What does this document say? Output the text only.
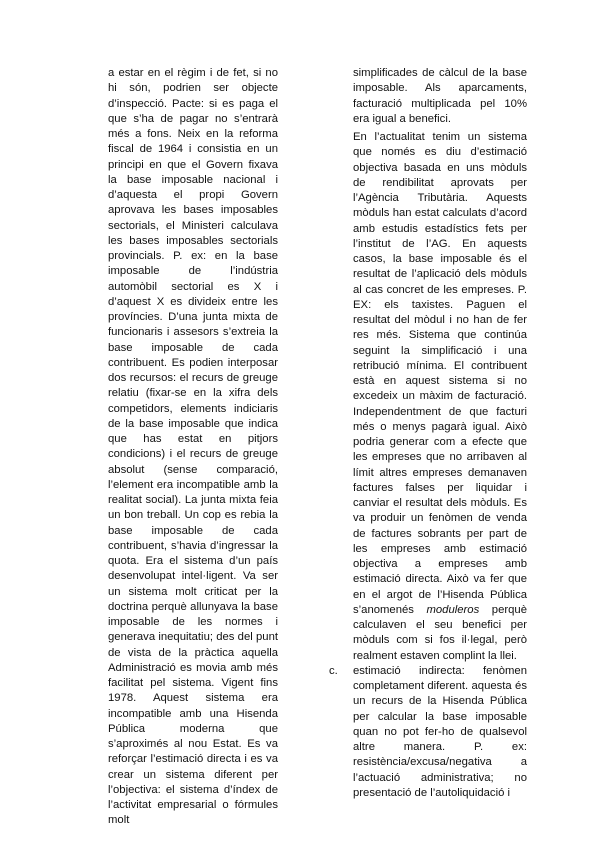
a estar en el règim i de fet, si no hi són, podrien ser objecte d’inspecció. Pacte: si es paga el que s’ha de pagar no s’entrarà més a fons. Neix en la reforma fiscal de 1964 i consistia en un principi en que el Govern fixava la base imposable nacional i d’aquesta el propi Govern aprovava les bases imposables sectorials, el Ministeri calculava les bases imposables sectorials provincials. P. ex: en la base imposable de l’indústria automòbil sectorial es X i d’aquest X es divideix entre les províncies. D’una junta mixta de funcionaris i assesors s’extreia la base imposable de cada contribuent. Es podien interposar dos recursos: el recurs de greuge relatiu (fixar-se en la xifra dels competidors, elements indiciaris de la base imposable que indica que has estat en pitjors condicions) i el recurs de greuge absolut (sense comparació, l’element era incompatible amb la realitat social). La junta mixta feia un bon treball. Un cop es rebia la base imposable de cada contribuent, s’havia d’ingressar la quota. Era el sistema d’un país desenvolupat intel·ligent. Va ser un sistema molt criticat per la doctrina perquè allunyava la base imposable de les normes i generava inequitatiu; des del punt de vista de la pràctica aquella Administració es movia amb més facilitat pel sistema. Vigent fins 1978. Aquest sistema era incompatible amb una Hisenda Pública moderna que s’aproximés al nou Estat. Es va reforçar l’estimació directa i es va crear un sistema diferent per l’objectiva: el sistema d’índex de l’activitat empresarial o fórmules molt

simplificades de càlcul de la base imposable. Als aparcaments, facturació multiplicada pel 10% era igual a benefici.

En l’actualitat tenim un sistema que només es diu d’estimació objectiva basada en uns mòduls de rendibilitat aprovats per l’Agència Tributària. Aquests mòduls han estat calculats d’acord amb estudis estadístics fets per l’institut de l’AG. En aquests casos, la base imposable és el resultat de l’aplicació dels mòduls al cas concret de les empreses. P. EX: els taxistes. Paguen el resultat del mòdul i no han de fer res més. Sistema que continúa seguint la simplificació i una retribució mínima. El contribuent està en aquest sistema si no excedeix un màxim de facturació. Independentment de que facturi més o menys pagarà igual. Això podria generar com a efecte que les empreses que no arribaven al límit altres empreses demanaven factures falses per liquidar i canviar el resultat dels mòduls. Es va produir un fenòmen de venda de factures sobrants per part de les empreses amb estimació objectiva a empreses amb estimació directa. Això va fer que en el argot de l’Hisenda Pública s’anomenés moduleros perquè calculaven el seu benefici per mòduls com si fos il·legal, però realment estaven complint la llei.

c. estimació indirecta: fenòmen completament diferent. aquesta és un recurs de la Hisenda Pública per calcular la base imposable quan no pot fer-ho de qualsevol altre manera. P. ex: resistència/excusa/negativa a l’actuació administrativa; no presentació de l’autoliquidació i
